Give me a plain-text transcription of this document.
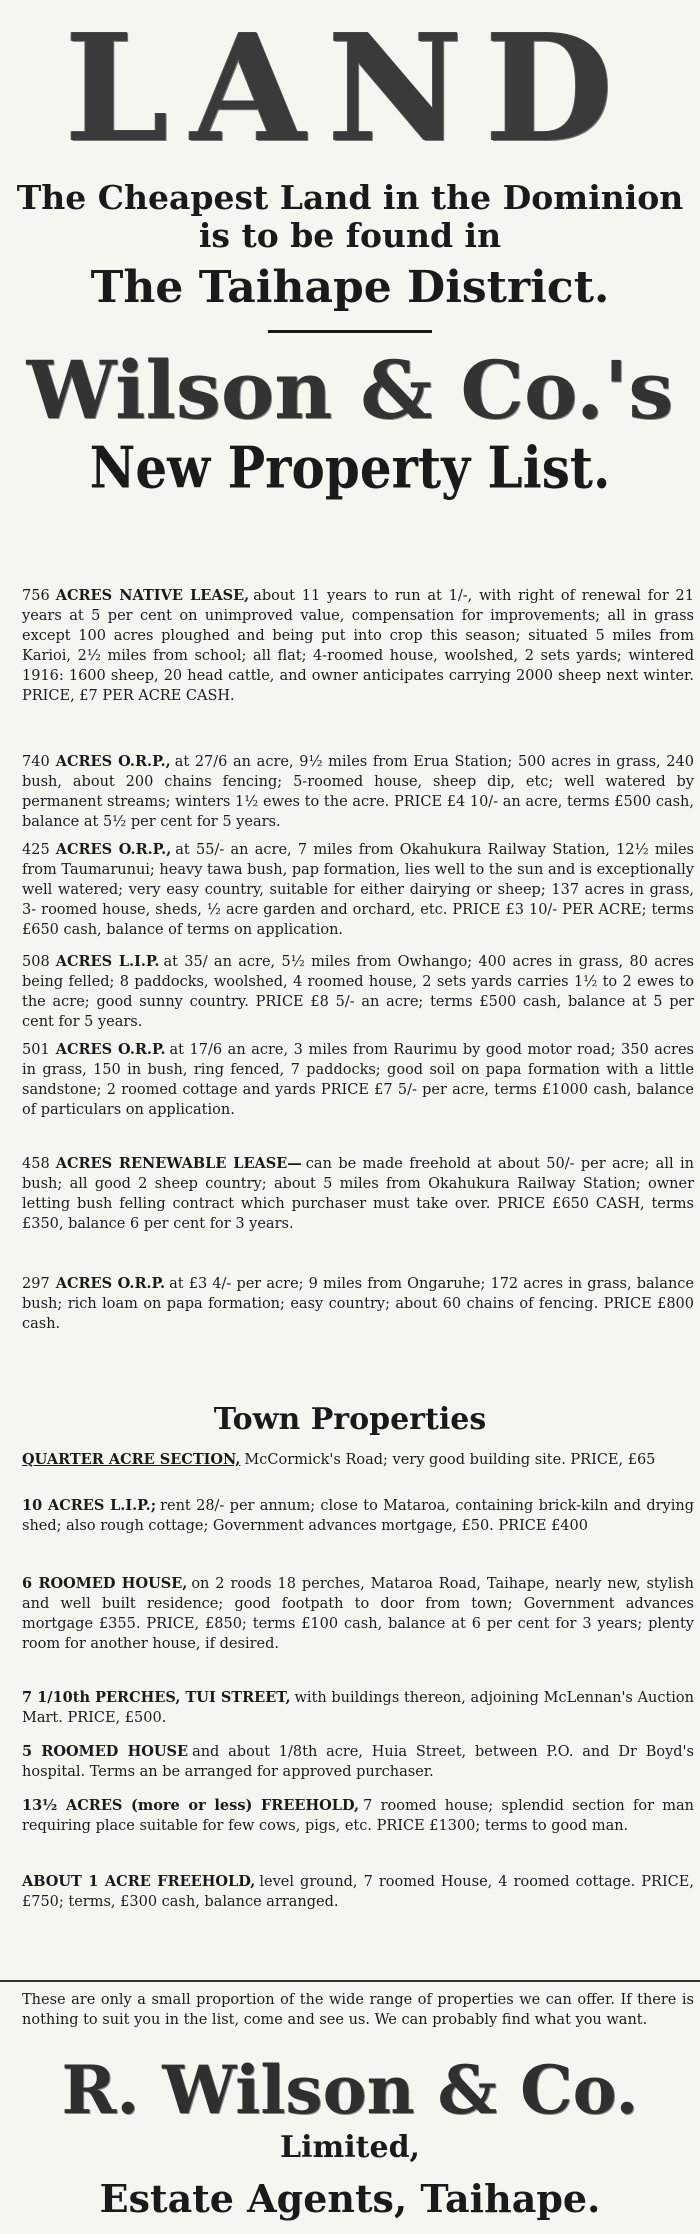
LAND

The Cheapest Land in the Dominion

is to be found in

The Taihape District.

Wilson & Co.'s

New Property List.

756 ACRES NATIVE LEASE, about 11 years to run at 1/-, with right of renewal for 21 years at 5 per cent on unimproved value, compensation for improvements; all in grass except 100 acres ploughed and being put into crop this season; situated 5 miles from Karioi, 2½ miles from school; all flat; 4-roomed house, woolshed, 2 sets yards; wintered 1916: 1600 sheep, 20 head cattle, and owner anticipates carrying 2000 sheep next winter. PRICE, £7 PER ACRE CASH.

740 ACRES O.R.P., at 27/6 an acre, 9½ miles from Erua Station; 500 acres in grass, 240 bush, about 200 chains fencing; 5-roomed house, sheep dip, etc; well watered by permanent streams; winters 1½ ewes to the acre. PRICE £4 10/- an acre, terms £500 cash, balance at 5½ per cent for 5 years.

425 ACRES O.R.P., at 55/- an acre, 7 miles from Okahukura Railway Station, 12½ miles from Taumarunui; heavy tawa bush, pap formation, lies well to the sun and is exceptionally well watered; very easy country, suitable for either dairying or sheep; 137 acres in grass, 3- roomed house, sheds, ½ acre garden and orchard, etc. PRICE £3 10/- PER ACRE; terms £650 cash, balance of terms on application.

508 ACRES L.I.P. at 35/ an acre, 5½ miles from Owhango; 400 acres in grass, 80 acres being felled; 8 paddocks, woolshed, 4 roomed house, 2 sets yards carries 1½ to 2 ewes to the acre; good sunny country. PRICE £8 5/- an acre; terms £500 cash, balance at 5 per cent for 5 years.

501 ACRES O.R.P. at 17/6 an acre, 3 miles from Raurimu by good motor road; 350 acres in grass, 150 in bush, ring fenced, 7 paddocks; good soil on papa formation with a little sandstone; 2 roomed cottage and yards PRICE £7 5/- per acre, terms £1000 cash, balance of particulars on application.

458 ACRES RENEWABLE LEASE— can be made freehold at about 50/- per acre; all in bush; all good 2 sheep country; about 5 miles from Okahukura Railway Station; owner letting bush felling contract which purchaser must take over. PRICE £650 CASH, terms £350, balance 6 per cent for 3 years.

297 ACRES O.R.P. at £3 4/- per acre; 9 miles from Ongaruhe; 172 acres in grass, balance bush; rich loam on papa formation; easy country; about 60 chains of fencing. PRICE £800 cash.

Town Properties

QUARTER ACRE SECTION, McCormick's Road; very good building site. PRICE, £65

10 ACRES L.I.P.; rent 28/- per annum; close to Mataroa, containing brick-kiln and drying shed; also rough cottage; Government advances mortgage, £50. PRICE £400

6 ROOMED HOUSE, on 2 roods 18 perches, Mataroa Road, Taihape, nearly new, stylish and well built residence; good footpath to door from town; Government advances mortgage £355. PRICE, £850; terms £100 cash, balance at 6 per cent for 3 years; plenty room for another house, if desired.

7 1/10th PERCHES, TUI STREET, with buildings thereon, adjoining McLennan's Auction Mart. PRICE, £500.

5 ROOMED HOUSE and about 1/8th acre, Huia Street, between P.O. and Dr Boyd's hospital. Terms an be arranged for approved purchaser.

13½ ACRES (more or less) FREEHOLD, 7 roomed house; splendid section for man requiring place suitable for few cows, pigs, etc. PRICE £1300; terms to good man.

ABOUT 1 ACRE FREEHOLD, level ground, 7 roomed House, 4 roomed cottage. PRICE, £750; terms, £300 cash, balance arranged.

These are only a small proportion of the wide range of properties we can offer. If there is nothing to suit you in the list, come and see us. We can probably find what you want.

R. Wilson & Co.

Limited,

Estate Agents, Taihape.
